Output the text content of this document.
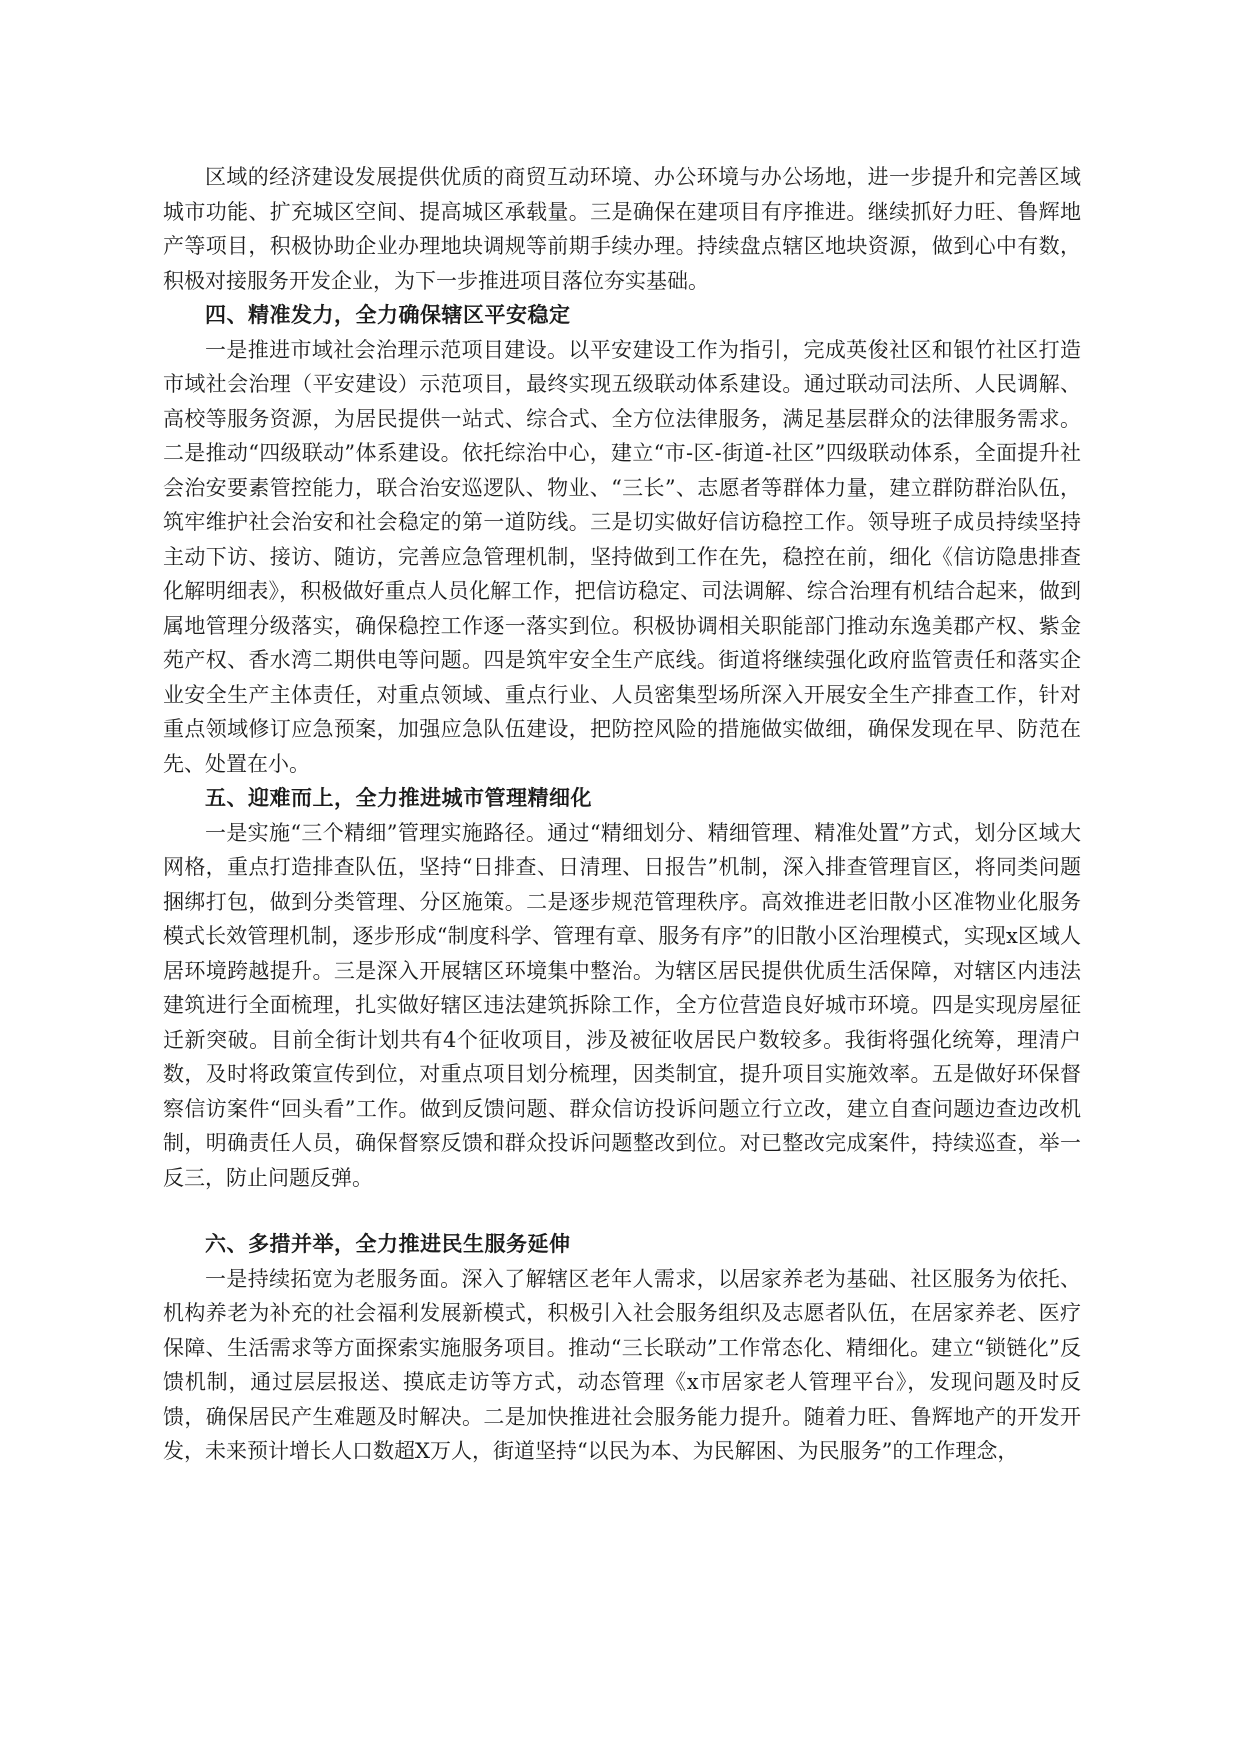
区域的经济建设发展提供优质的商贸互动环境、办公环境与办公场地，进一步提升和完善区域城市功能、扩充城区空间、提高城区承载量。三是确保在建项目有序推进。继续抓好力旺、鲁辉地产等项目，积极协助企业办理地块调规等前期手续办理。持续盘点辖区地块资源，做到心中有数，积极对接服务开发企业，为下一步推进项目落位夯实基础。

四、精准发力，全力确保辖区平安稳定

一是推进市域社会治理示范项目建设。以平安建设工作为指引，完成英俊社区和银竹社区打造市域社会治理（平安建设）示范项目，最终实现五级联动体系建设。通过联动司法所、人民调解、高校等服务资源，为居民提供一站式、综合式、全方位法律服务，满足基层群众的法律服务需求。二是推动“四级联动”体系建设。依托综治中心，建立“市-区-街道-社区”四级联动体系，全面提升社会治安要素管控能力，联合治安巡逻队、物业、“三长”、志愿者等群体力量，建立群防群治队伍，筑牢维护社会治安和社会稳定的第一道防线。三是切实做好信访稳控工作。领导班子成员持续坚持主动下访、接访、随访，完善应急管理机制，坚持做到工作在先，稳控在前，细化《信访隐患排查化解明细表》，积极做好重点人员化解工作，把信访稳定、司法调解、综合治理有机结合起来，做到属地管理分级落实，确保稳控工作逐一落实到位。积极协调相关职能部门推动东逸美郡产权、紫金苑产权、香水湾二期供电等问题。四是筑牢安全生产底线。街道将继续强化政府监管责任和落实企业安全生产主体责任，对重点领域、重点行业、人员密集型场所深入开展安全生产排查工作，针对重点领域修订应急预案，加强应急队伍建设，把防控风险的措施做实做细，确保发现在早、防范在先、处置在小。

五、迎难而上，全力推进城市管理精细化

一是实施“三个精细”管理实施路径。通过“精细划分、精细管理、精准处置”方式，划分区域大网格，重点打造排查队伍，坚持“日排查、日清理、日报告”机制，深入排查管理盲区，将同类问题捆绑打包，做到分类管理、分区施策。二是逐步规范管理秩序。高效推进老旧散小区准物业化服务模式长效管理机制，逐步形成“制度科学、管理有章、服务有序”的旧散小区治理模式，实现x区域人居环境跨越提升。三是深入开展辖区环境集中整治。为辖区居民提供优质生活保障，对辖区内违法建筑进行全面梳理，扎实做好辖区违法建筑拆除工作，全方位营造良好城市环境。四是实现房屋征迁新突破。目前全街计划共有4个征收项目，涉及被征收居民户数较多。我街将强化统筹，理清户数，及时将政策宣传到位，对重点项目划分梳理，因类制宜，提升项目实施效率。五是做好环保督察信访案件“回头看”工作。做到反馈问题、群众信访投诉问题立行立改，建立自查问题边查边改机制，明确责任人员，确保督察反馈和群众投诉问题整改到位。对已整改完成案件，持续巡查，举一反三，防止问题反弹。

六、多措并举，全力推进民生服务延伸

一是持续拓宽为老服务面。深入了解辖区老年人需求，以居家养老为基础、社区服务为依托、机构养老为补充的社会福利发展新模式，积极引入社会服务组织及志愿者队伍，在居家养老、医疗保障、生活需求等方面探索实施服务项目。推动“三长联动”工作常态化、精细化。建立“锁链化”反馈机制，通过层层报送、摸底走访等方式，动态管理《x市居家老人管理平台》，发现问题及时反馈，确保居民产生难题及时解决。二是加快推进社会服务能力提升。随着力旺、鲁辉地产的开发开发，未来预计增长人口数超X万人，街道坚持“以民为本、为民解困、为民服务”的工作理念，
